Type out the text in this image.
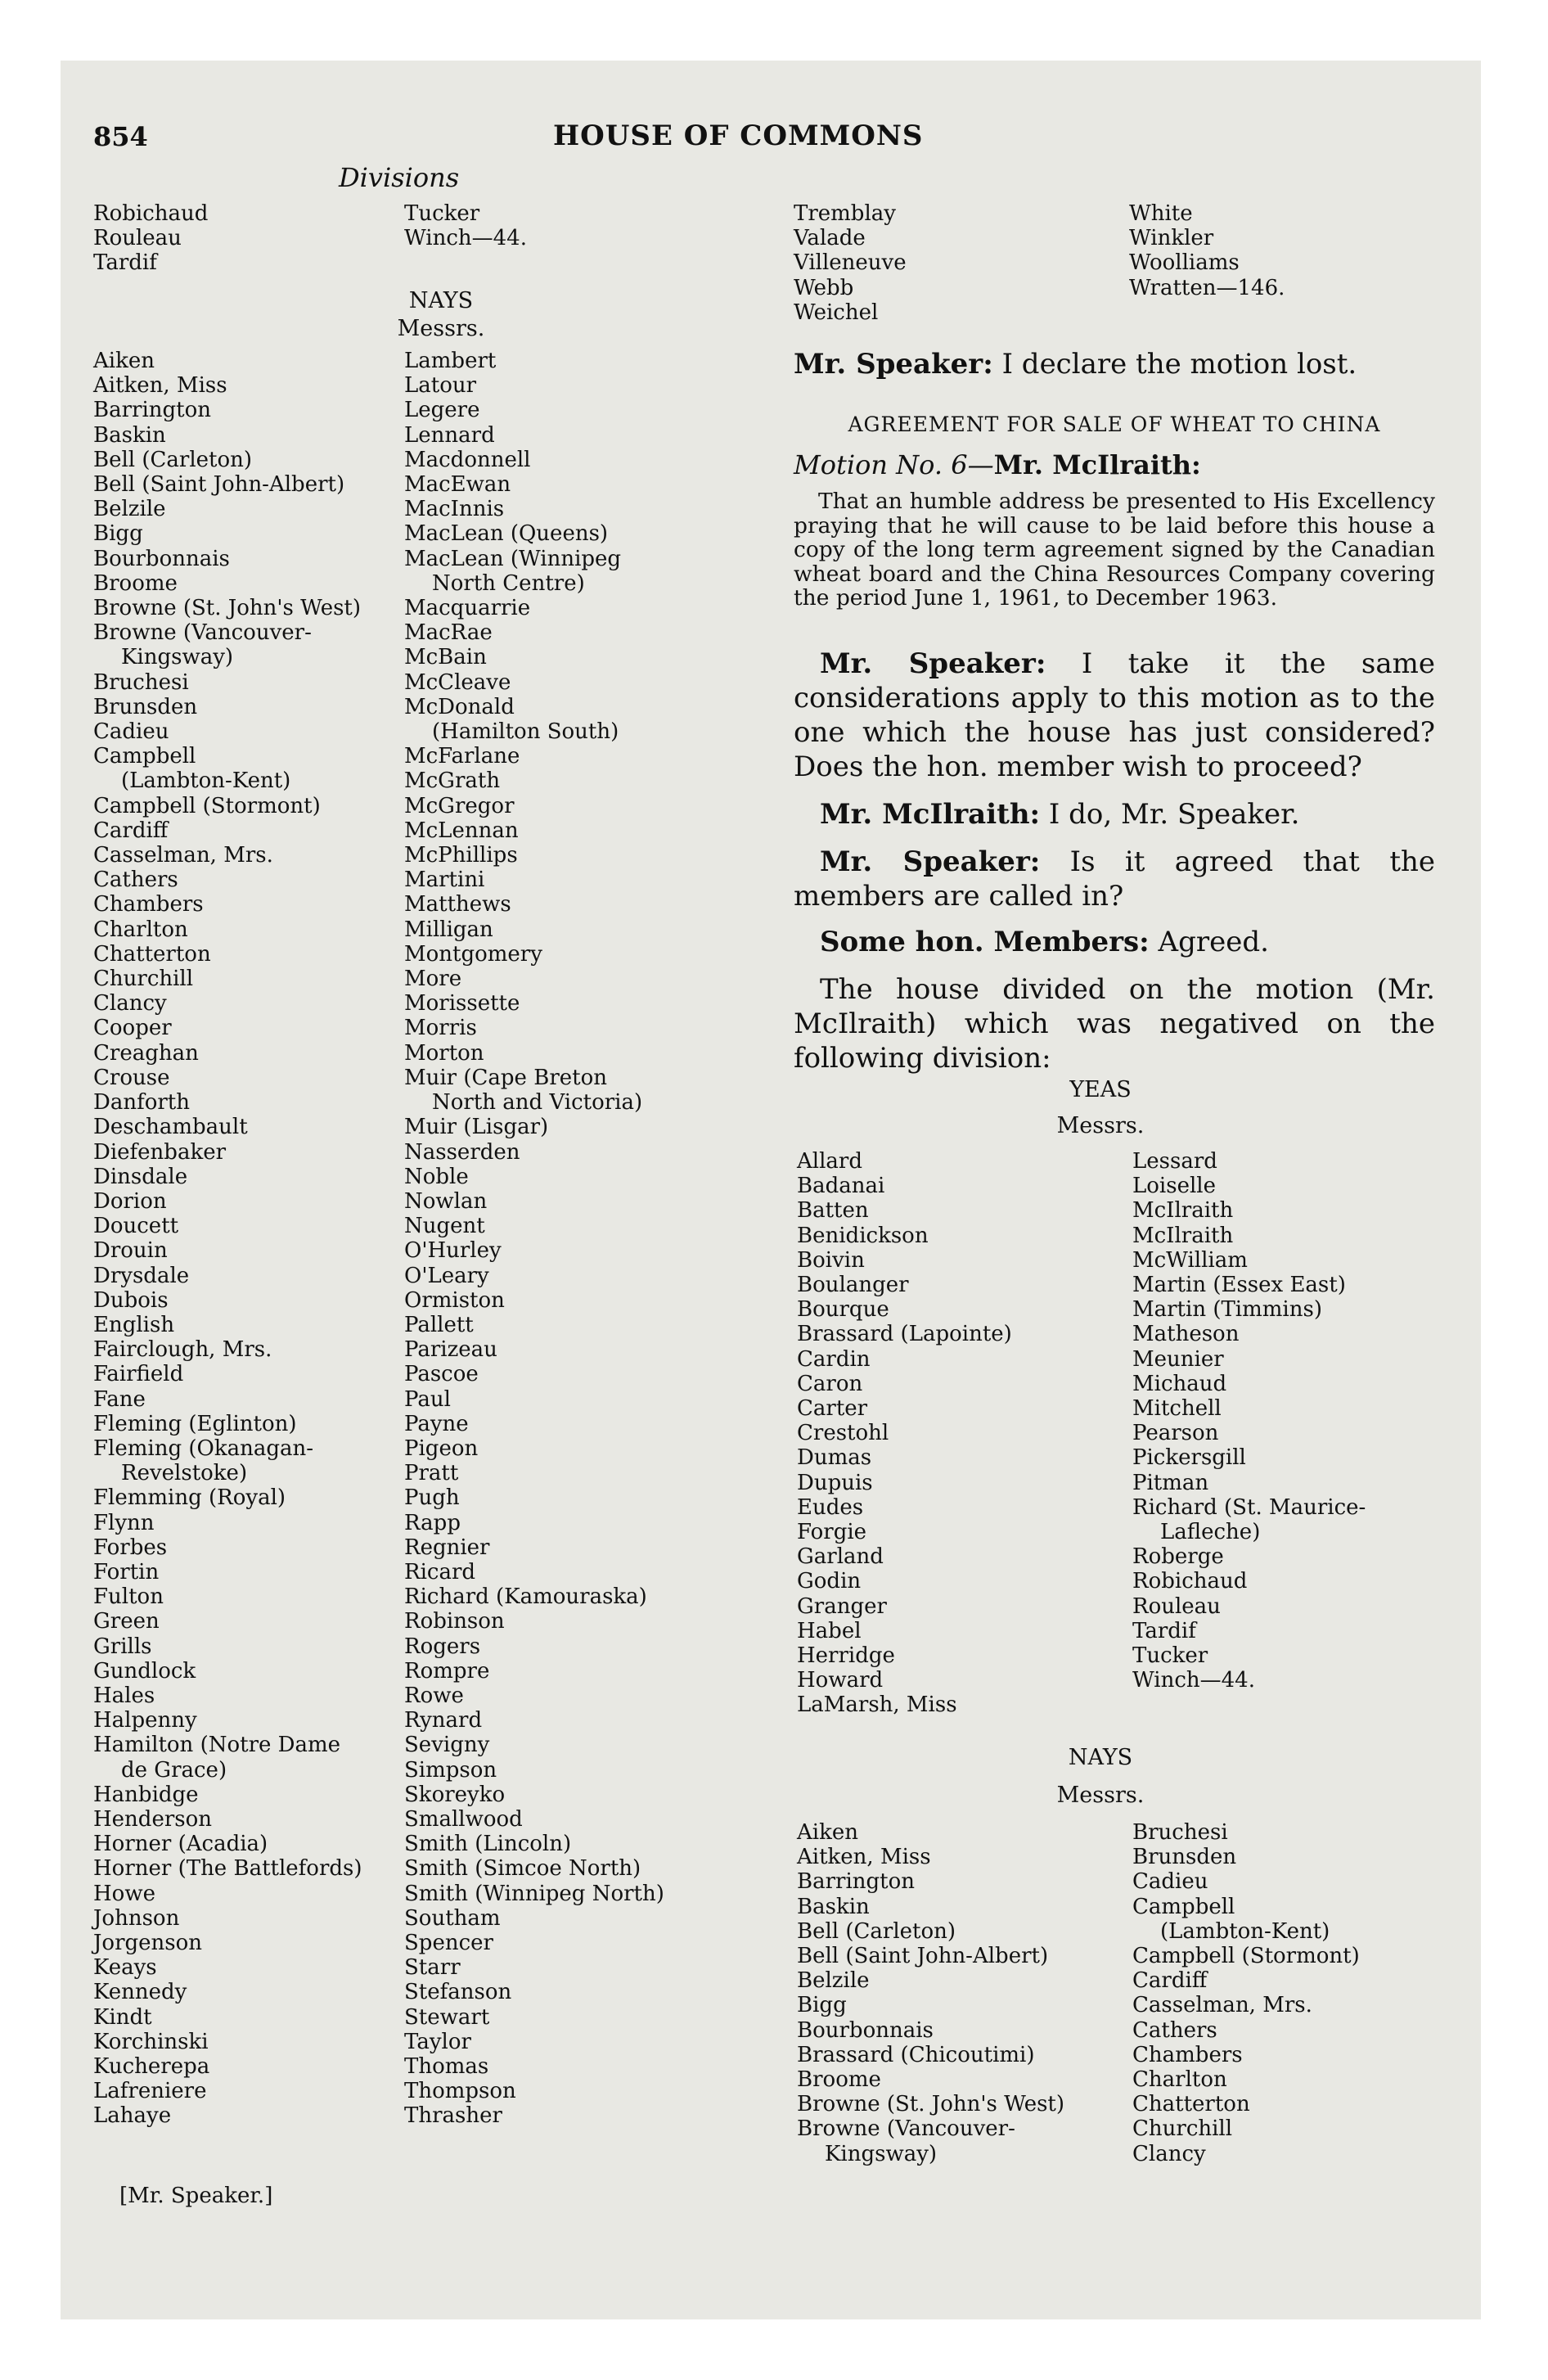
854	HOUSE OF COMMONS
Divisions
Robichaud
Rouleau
Tardif
Tucker
Winch—44.
NAYS
Messrs.
Aiken
Aitken, Miss
Barrington
Baskin
Bell (Carleton)
Bell (Saint John-Albert)
Belzile
Bigg
Bourbonnais
Broome
Browne (St. John's West)
Browne (Vancouver-
Kingsway)
Bruchesi
Brunsden
Cadieu
Campbell
(Lambton-Kent)
Campbell (Stormont)
Cardiff
Casselman, Mrs.
Cathers
Chambers
Charlton
Chatterton
Churchill
Clancy
Cooper
Creaghan
Crouse
Danforth
Deschambault
Diefenbaker
Dinsdale
Dorion
Doucett
Drouin
Drysdale
Dubois
English
Fairclough, Mrs.
Fairfield
Fane
Fleming (Eglinton)
Fleming (Okanagan-
Revelstoke)
Flemming (Royal)
Flynn
Forbes
Fortin
Fulton
Green
Grills
Gundlock
Hales
Halpenny
Hamilton (Notre Dame
de Grace)
Hanbidge
Henderson
Horner (Acadia)
Horner (The Battlefords)
Howe
Johnson
Jorgenson
Keays
Kennedy
Kindt
Korchinski
Kucherepa
Lafreniere
Lahaye
Lambert
Latour
Legere
Lennard
Macdonnell
MacEwan
MacInnis
MacLean (Queens)
MacLean (Winnipeg
North Centre)
Macquarrie
MacRae
McBain
McCleave
McDonald
(Hamilton South)
McFarlane
McGrath
McGregor
McLennan
McPhillips
Martini
Matthews
Milligan
Montgomery
More
Morissette
Morris
Morton
Muir (Cape Breton
North and Victoria)
Muir (Lisgar)
Nasserden
Noble
Nowlan
Nugent
O'Hurley
O'Leary
Ormiston
Pallett
Parizeau
Pascoe
Paul
Payne
Pigeon
Pratt
Pugh
Rapp
Regnier
Ricard
Richard (Kamouraska)
Robinson
Rogers
Rompre
Rowe
Rynard
Sevigny
Simpson
Skoreyko
Smallwood
Smith (Lincoln)
Smith (Simcoe North)
Smith (Winnipeg North)
Southam
Spencer
Starr
Stefanson
Stewart
Taylor
Thomas
Thompson
Thrasher
[Mr. Speaker.]
Tremblay
Valade
Villeneuve
Webb
Weichel
White
Winkler
Woolliams
Wratten—146.

Mr. Speaker: I declare the motion lost.

AGREEMENT FOR SALE OF WHEAT TO CHINA

Motion No. 6—Mr. McIlraith:

That an humble address be presented to His Excellency praying that he will cause to be laid before this house a copy of the long term agreement signed by the Canadian wheat board and the China Resources Company covering the period June 1, 1961, to December 1963.

Mr. Speaker: I take it the same considerations apply to this motion as to the one which the house has just considered? Does the hon. member wish to proceed?

Mr. McIlraith: I do, Mr. Speaker.

Mr. Speaker: Is it agreed that the members are called in?

Some hon. Members: Agreed.

The house divided on the motion (Mr. McIlraith) which was negatived on the following division:

YEAS
Messrs.
Allard
Badanai
Batten
Benidickson
Boivin
Boulanger
Bourque
Brassard (Lapointe)
Cardin
Caron
Carter
Crestohl
Dumas
Dupuis
Eudes
Forgie
Garland
Godin
Granger
Habel
Herridge
Howard
LaMarsh, Miss
Lessard
Loiselle
McIlraith
McIlraith
McWilliam
Martin (Essex East)
Martin (Timmins)
Matheson
Meunier
Michaud
Mitchell
Pearson
Pickersgill
Pitman
Richard (St. Maurice-
Lafleche)
Roberge
Robichaud
Rouleau
Tardif
Tucker
Winch—44.
NAYS
Messrs.
Aiken
Aitken, Miss
Barrington
Baskin
Bell (Carleton)
Bell (Saint John-Albert)
Belzile
Bigg
Bourbonnais
Brassard (Chicoutimi)
Broome
Browne (St. John's West)
Browne (Vancouver-
Kingsway)
Bruchesi
Brunsden
Cadieu
Campbell
(Lambton-Kent)
Campbell (Stormont)
Cardiff
Casselman, Mrs.
Cathers
Chambers
Charlton
Chatterton
Churchill
Clancy
